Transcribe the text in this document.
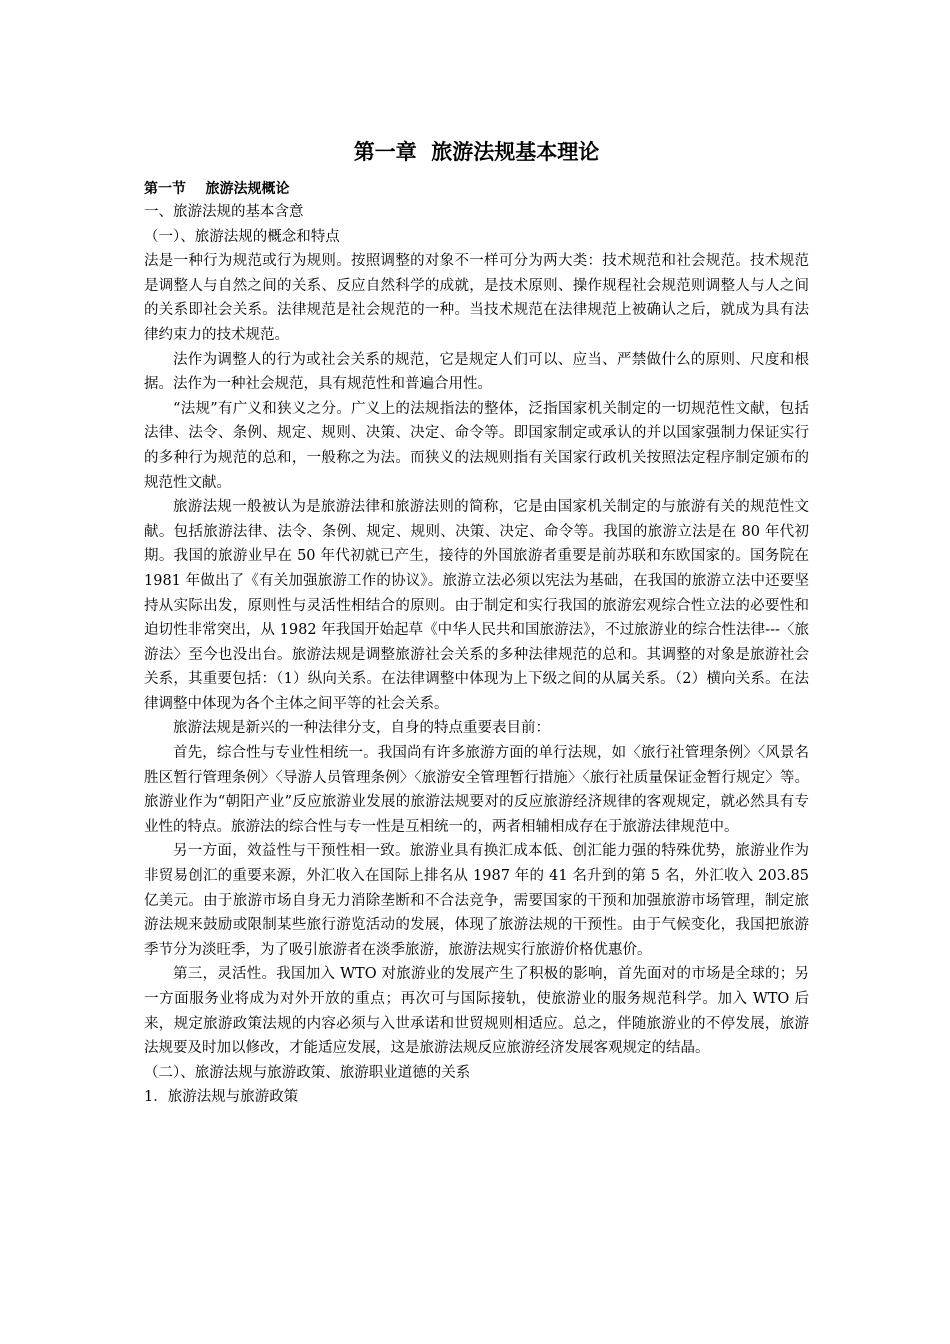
第一章  旅游法规基本理论
第一节    旅游法规概论
一、旅游法规的基本含意
（一）、旅游法规的概念和特点

法是一种行为规范或行为规则。按照调整的对象不一样可分为两大类：技术规范和社会规范。技术规范是调整人与自然之间的关系、反应自然科学的成就，是技术原则、操作规程社会规范则调整人与人之间的关系即社会关系。法律规范是社会规范的一种。当技术规范在法律规范上被确认之后，就成为具有法律约束力的技术规范。

法作为调整人的行为或社会关系的规范，它是规定人们可以、应当、严禁做什么的原则、尺度和根据。法作为一种社会规范，具有规范性和普遍合用性。

“法规”有广义和狭义之分。广义上的法规指法的整体，泛指国家机关制定的一切规范性文献，包括法律、法令、条例、规定、规则、决策、决定、命令等。即国家制定或承认的并以国家强制力保证实行的多种行为规范的总和，一般称之为法。而狭义的法规则指有关国家行政机关按照法定程序制定颁布的规范性文献。

旅游法规一般被认为是旅游法律和旅游法则的简称，它是由国家机关制定的与旅游有关的规范性文献。包括旅游法律、法令、条例、规定、规则、决策、决定、命令等。我国的旅游立法是在 80 年代初期。我国的旅游业早在 50 年代初就已产生，接待的外国旅游者重要是前苏联和东欧国家的。国务院在 1981 年做出了《有关加强旅游工作的协议》。旅游立法必须以宪法为基础，在我国的旅游立法中还要坚持从实际出发，原则性与灵活性相结合的原则。由于制定和实行我国的旅游宏观综合性立法的必要性和迫切性非常突出，从 1982 年我国开始起草《中华人民共和国旅游法》，不过旅游业的综合性法律---〈旅游法〉至今也没出台。旅游法规是调整旅游社会关系的多种法律规范的总和。其调整的对象是旅游社会关系，其重要包括：（1）纵向关系。在法律调整中体现为上下级之间的从属关系。（2）横向关系。在法律调整中体现为各个主体之间平等的社会关系。

旅游法规是新兴的一种法律分支，自身的特点重要表目前：

首先，综合性与专业性相统一。我国尚有许多旅游方面的单行法规，如〈旅行社管理条例〉〈风景名胜区暂行管理条例〉〈导游人员管理条例〉〈旅游安全管理暂行措施〉〈旅行社质量保证金暂行规定〉等。旅游业作为“朝阳产业”反应旅游业发展的旅游法规要对的反应旅游经济规律的客观规定，就必然具有专业性的特点。旅游法的综合性与专一性是互相统一的，两者相辅相成存在于旅游法律规范中。

另一方面，效益性与干预性相一致。旅游业具有换汇成本低、创汇能力强的特殊优势，旅游业作为非贸易创汇的重要来源，外汇收入在国际上排名从 1987 年的 41 名升到的第 5 名，外汇收入 203.85 亿美元。由于旅游市场自身无力消除垄断和不合法竞争，需要国家的干预和加强旅游市场管理，制定旅游法规来鼓励或限制某些旅行游览活动的发展，体现了旅游法规的干预性。由于气候变化，我国把旅游季节分为淡旺季，为了吸引旅游者在淡季旅游，旅游法规实行旅游价格优惠价。

第三，灵活性。我国加入 WTO 对旅游业的发展产生了积极的影响，首先面对的市场是全球的；另一方面服务业将成为对外开放的重点；再次可与国际接轨，使旅游业的服务规范科学。加入 WTO 后来，规定旅游政策法规的内容必须与入世承诺和世贸规则相适应。总之，伴随旅游业的不停发展，旅游法规要及时加以修改，才能适应发展，这是旅游法规反应旅游经济发展客观规定的结晶。

（二）、旅游法规与旅游政策、旅游职业道德的关系
1．旅游法规与旅游政策
